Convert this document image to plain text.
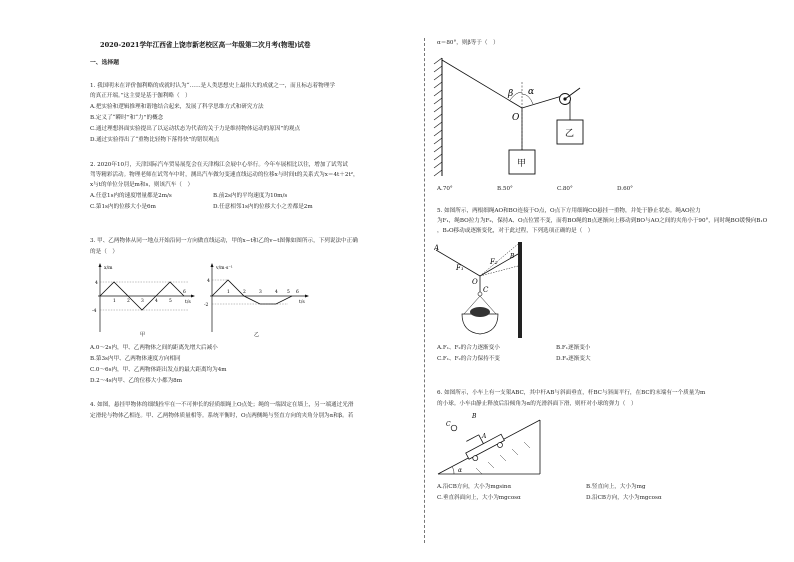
2020-2021学年江西省上饶市新老校区高一年级第二次月考(物理)试卷
一、选择题
1. 我国明末在评价伽利略的成就时认为“……是人类思想史上最伟大的成就之一，而且标志着物理学
的真正开端。”这主要是基于伽利略（　）
A.把实验和逻辑推理和谐地结合起来，发展了科学思维方式和研究方法
B.定义了“瞬时”和“力”的概念
C.通过理想斜面实验提出了以运动状态为代表的关于力是维持物体运动的原因”的观点
D.通过实验得出了“重物比轻物下落得快”的错误观点
2. 2020年10月，天津国际汽车贸易展览会在天津梅江会展中心举行。今年车展相比以往，增加了试驾试
驾等精彩活动。物理老师在试驾车中时，测出汽车做匀变速直线运动的位移x与时间t的关系式为x＝4t＋2t²，
x与t的单位分别是m和s，则该汽车（　）
A.任意1s内的速度增量都是2m/s	B.前2s内的平均速度为10m/s
C.第1s内的位移大小是6m	D.任意相邻1s内的位移大小之差都是2m
3. 甲、乙两物体从同一地点开始沿同一方向做直线运动，甲的x−t和乙的v−t图像如图所示，下列说法中正确
的是（　）
x/m
t/s
4
-4
1	2	3	4	5
6
甲
v/m·s⁻¹
t/s
4
-2
1	2	3	4 5 6
乙
A.0～2s内，甲、乙两物体之间的距离先增大后减小
B.第3s内甲、乙两物体速度方向相同
C.0～6s内，甲、乙两物体距出发点的最大距离均为4m
D.2～4s内甲、乙的位移大小都为8m
4. 如图，悬挂甲物体的细线拴牢在一不可伸长的轻质细绳上O点处；绳的一端固定在墙上，另一端通过光滑
定滑轮与物体乙相连。甲、乙两物体质量相等。系统平衡时，O点两侧绳与竖直方向的夹角分别为α和β。若
α＝80°，则β等于（　）
β α
O
甲
乙
A.70°	B.50°	C.80°	D.60°
5. 如图所示，两根细绳AO和BO连接于O点，O点下方用细绳CO悬挂一重物，并处于静止状态。绳AO拉力
为F₁，绳BO拉力为F₂，保持A、O点位置不变，而将BO绳的B点逐渐向上移动到BO与AO之间的夹角小于90°，同时绳BO缓慢向B₁O
，B₂O移动或逐渐变化，对于此过程，下列选项正确的是（　）
A
F₁
F₂
O
C
B
A.F₁、F₂的合力逐渐变小	B.F₁逐渐变小
C.F₁、F₂的合力保持不变	D.F₂逐渐变大
6. 如图所示，小车上有一支架ABC，其中杆AB与斜面垂直，杆BC与斜面平行，在BC的末端有一个质量为m
的小球。小车由静止释放后沿倾角为α的光滑斜面下滑，则杆对小球的弹力（　）
C
B
A
α
A.沿CB方向，大小为mgsinα	B.竖直向上，大小为mg
C.垂直斜面向上，大小为mgcosα	D.沿CB方向，大小为mgcosα
